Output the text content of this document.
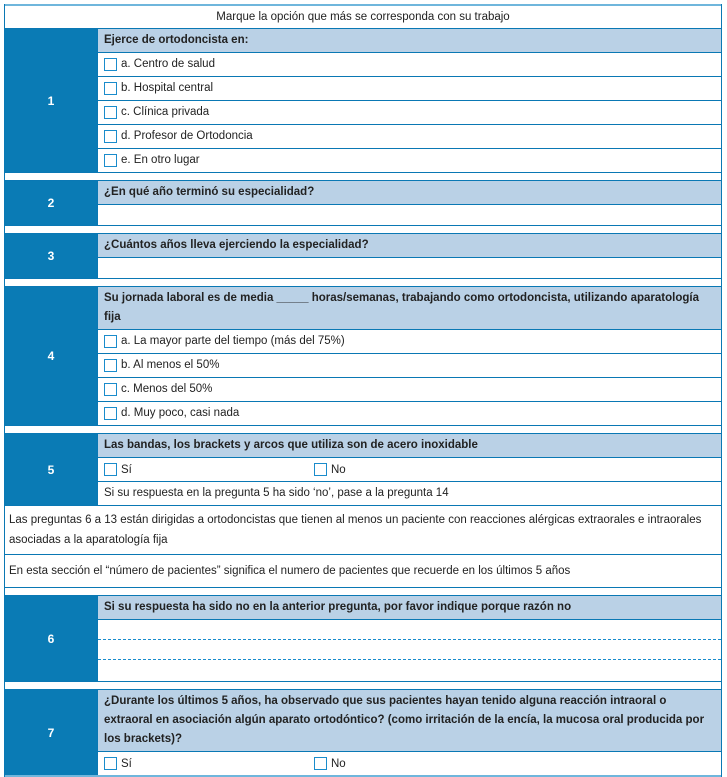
Marque la opción que más se corresponda con su trabajo
1
Ejerce de ortodoncista en:
a. Centro de salud
b. Hospital central
c. Clínica privada
d. Profesor de Ortodoncia
e. En otro lugar
2
¿En qué año terminó su especialidad?
3
¿Cuántos años lleva ejerciendo la especialidad?
4
Su jornada laboral es de media _____ horas/semanas, trabajando como ortodoncista, utilizando aparatología fija
a. La mayor parte del tiempo (más del 75%)
b. Al menos el 50%
c. Menos del 50%
d. Muy poco, casi nada
5
Las bandas, los brackets y arcos que utiliza son de acero inoxidable
Sí	No
Si su respuesta en la pregunta 5 ha sido ‘no’, pase a la pregunta 14
Las preguntas 6 a 13 están dirigidas a ortodoncistas que tienen al menos un paciente con reacciones alérgicas extraorales e intraorales asociadas a la aparatología fija
En esta sección el “número de pacientes” significa el numero de pacientes que recuerde en los últimos 5 años
6
Si su respuesta ha sido no en la anterior pregunta, por favor indique porque razón no
7
¿Durante los últimos 5 años, ha observado que sus pacientes hayan tenido alguna reacción intraoral o extraoral en asociación algún aparato ortodóntico? (como irritación de la encía, la mucosa oral producida por los brackets)?
Sí	No
